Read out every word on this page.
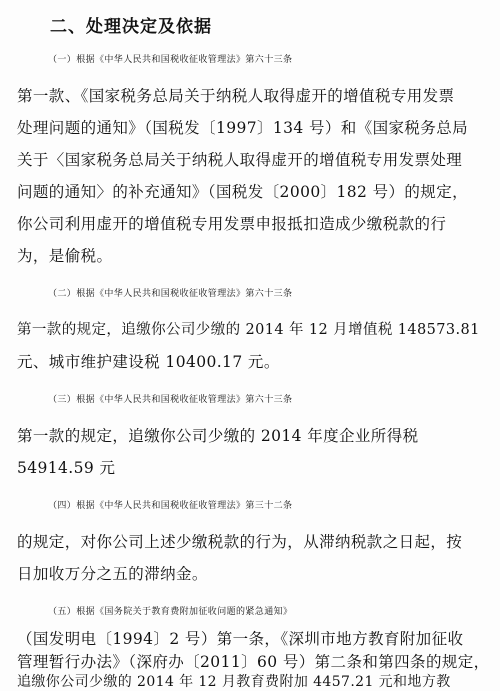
二、处理决定及依据
（一）根据《中华人民共和国税收征收管理法》第六十三条
第一款、《国家税务总局关于纳税人取得虚开的增值税专用发票
处理问题的通知》（国税发〔1997〕134 号）和《国家税务总局
关于〈国家税务总局关于纳税人取得虚开的增值税专用发票处理
问题的通知〉的补充通知》（国税发〔2000〕182 号）的规定，
你公司利用虚开的增值税专用发票申报抵扣造成少缴税款的行
为，是偷税。
（二）根据《中华人民共和国税收征收管理法》第六十三条
第一款的规定，追缴你公司少缴的 2014 年 12 月增值税 148573.81
元、城市维护建设税 10400.17 元。
（三）根据《中华人民共和国税收征收管理法》第六十三条
第一款的规定，追缴你公司少缴的 2014 年度企业所得税
54914.59 元
（四）根据《中华人民共和国税收征收管理法》第三十二条
的规定，对你公司上述少缴税款的行为，从滞纳税款之日起，按
日加收万分之五的滞纳金。
（五）根据《国务院关于教育费附加征收问题的紧急通知》
（国发明电〔1994〕2 号）第一条，《深圳市地方教育附加征收
管理暂行办法》（深府办〔2011〕60 号）第二条和第四条的规定，
追缴你公司少缴的 2014 年 12 月教育费附加 4457.21 元和地方教
